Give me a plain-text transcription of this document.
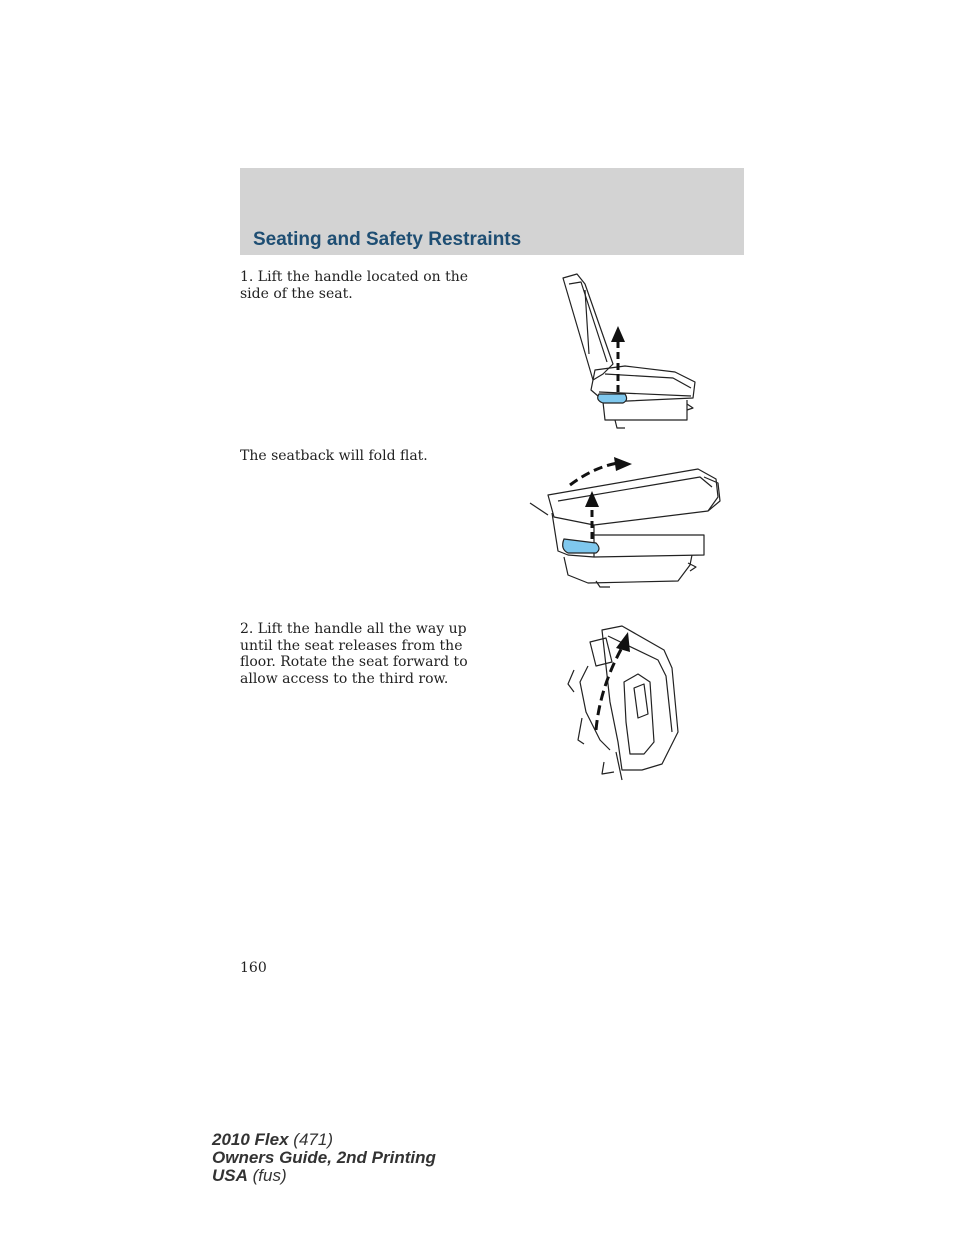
Seating and Safety Restraints
1. Lift the handle located on the side of the seat.
The seatback will fold flat.
2. Lift the handle all the way up until the seat releases from the floor. Rotate the seat forward to allow access to the third row.
160
2010 Flex (471)
Owners Guide, 2nd Printing
USA (fus)
